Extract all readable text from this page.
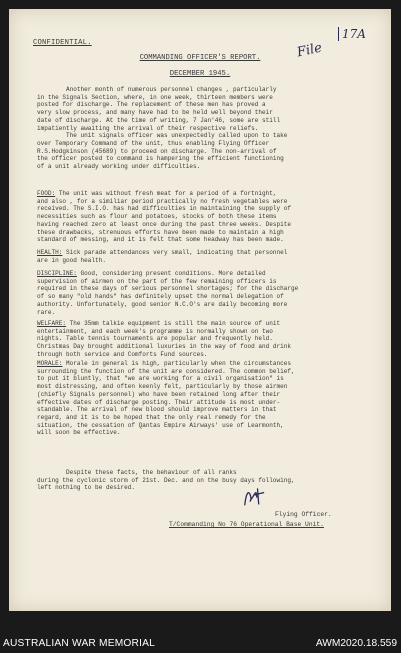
17A
File
CONFIDENTIAL.
COMMANDING OFFICER'S REPORT.
DECEMBER 1945.
Another month of numerous personnel changes , particularly
in the Signals Section, where, in one week, thirteen members were
posted for discharge. The replacement of these men has proved a
very slow process, and many have had to be held well beyond their
date of discharge. At the time of writing, 7 Jan'46, some are still
impatiently awaiting the arrival of their respective reliefs.
The unit signals officer was unexpectedly called upon to take
over Temporary Command of the unit, thus enabling Flying Officer
R.S.Hodgkinson (45689) to proceed on discharge. The non-arrival of
the officer posted to command is hampering the efficient functioning
of a unit already working under difficulties.
FOOD: The unit was without fresh meat for a period of a fortnight,
and also , for a similiar period practically no fresh vegetables were
received. The S.I.O. has had difficulties in maintaining the supply of
necessities such as flour and potatoes, stocks of both these items
having reached zero at least once during the past three weeks. Despite
these drawbacks, strenuous efforts have been made to maintain a high
standard of messing, and it is felt that some headway has been made.
HEALTH: Sick parade attendances very small, indicating that personnel
are in good health.
DISCIPLINE: Good, considering present conditions. More detailed
supervision of airmen on the part of the few remaining officers is
required in these days of serious personnel shortages; for the discharge
of so many "old hands" has definitely upset the normal delegation of
authority. Unfortunately, good senior N.C.O's are daily becoming more
rare.
WELFARE: The 35mm talkie equipment is still the main source of unit
entertainment, and each week's programme is normally shown on two
nights. Table tennis tournaments are popular and frequently held.
Christmas Day brought additional luxuries in the way of food and drink
through both service and Comforts Fund sources.
MORALE: Morale in general is high, particularly when the circumstances
surrounding the function of the unit are considered. The common belief,
to put it bluntly, that "we are working for a civil organisation" is
most distressing, and often keenly felt, particularly by those airmen
(chiefly Signals personnel) who have been retained long after their
effective dates of discharge posting. Their attitude is most under-
standable. The arrival of new blood should improve matters in that
regard, and it is to be hoped that the only real remedy for the
situation, the cessation of Qantas Empire Airways' use of Learmonth,
will soon be effective.
Despite these facts, the behaviour of all ranks
during the cyclonic storm of 21st. Dec. and on the busy days following,
left nothing to be desired.
Flying Officer.
T/Commanding No 76 Operational Base Unit.
AUSTRALIAN WAR MEMORIAL	AWM2020.18.559
